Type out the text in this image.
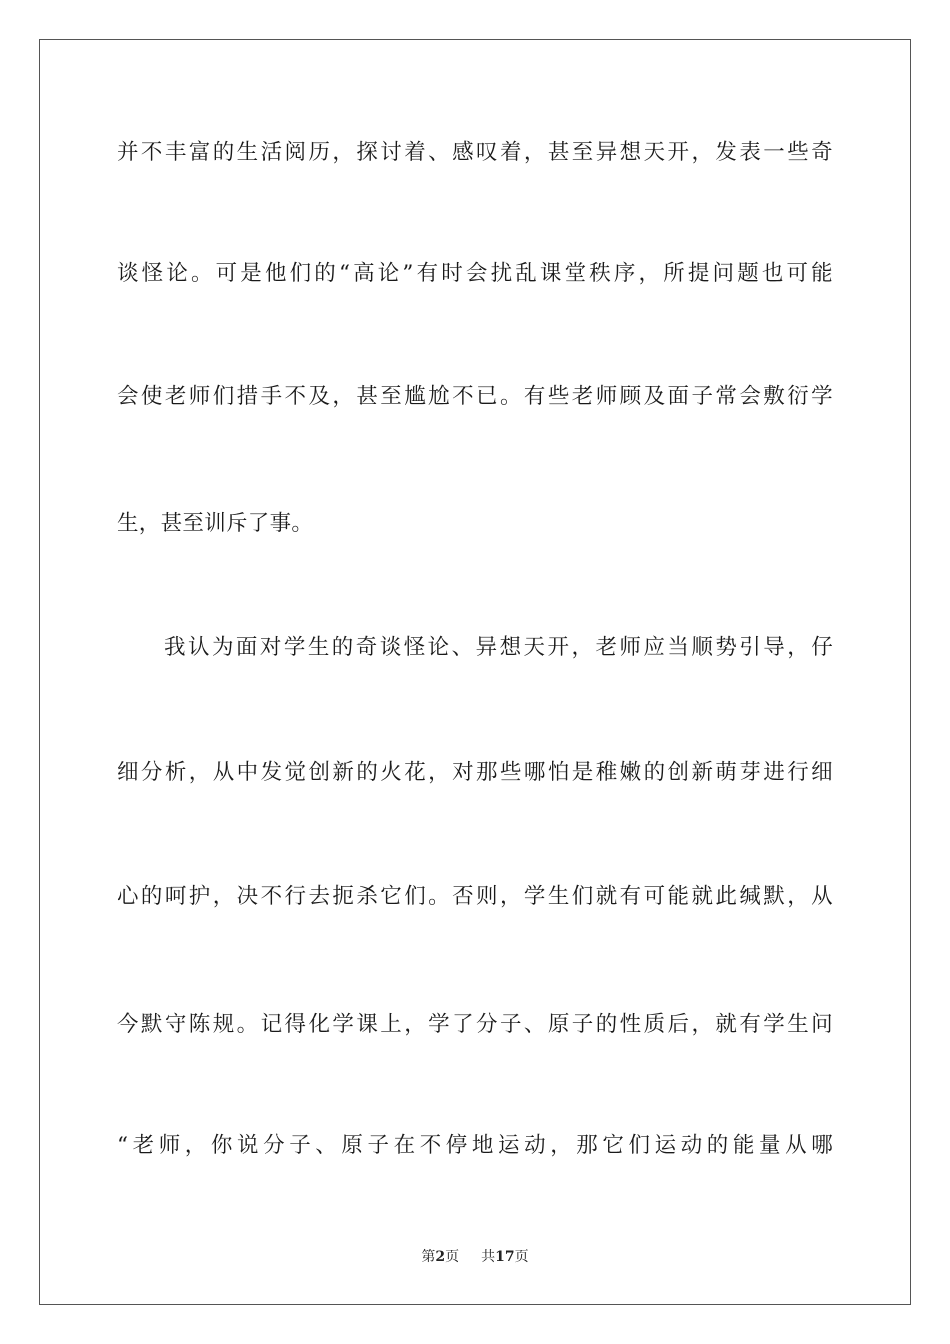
并不丰富的生活阅历，探讨着、感叹着，甚至异想天开，发表一些奇
谈怪论。可是他们的“高论”有时会扰乱课堂秩序，所提问题也可能
会使老师们措手不及，甚至尴尬不已。有些老师顾及面子常会敷衍学
生，甚至训斥了事。
我认为面对学生的奇谈怪论、异想天开，老师应当顺势引导，仔
细分析，从中发觉创新的火花，对那些哪怕是稚嫩的创新萌芽进行细
心的呵护，决不行去扼杀它们。否则，学生们就有可能就此缄默，从
今默守陈规。记得化学课上，学了分子、原子的性质后，就有学生问
“老师，你说分子、原子在不停地运动，那它们运动的能量从哪
第2页 共17页
